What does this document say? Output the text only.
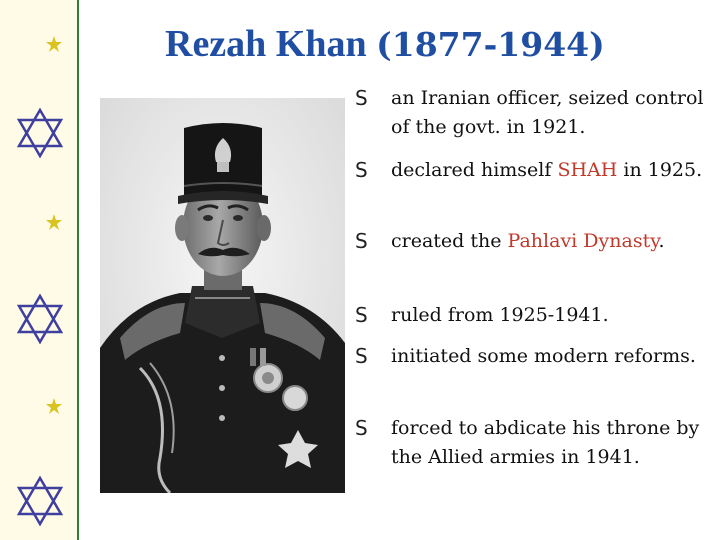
Rezah Khan (1877-1944)
S	an Iranian officer, seized control of the govt. in 1921.
S	declared himself SHAH in 1925.
S	created the Pahlavi Dynasty.
S	ruled from 1925-1941.
S	initiated some modern reforms.
S	forced to abdicate his throne by the Allied armies in 1941.
